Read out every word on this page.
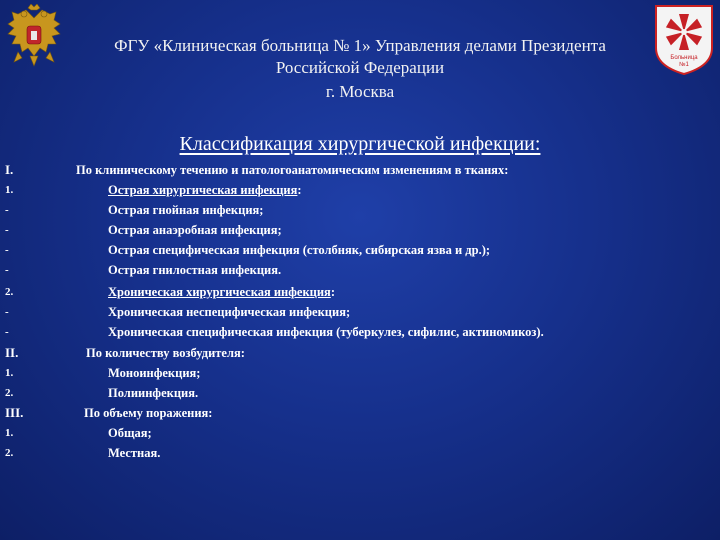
Больница
№1
ФГУ «Клиническая больница № 1» Управления делами Президента
Российской Федерации
г. Москва
Классификация хирургической инфекции:
I.	По клиническому течению и патологоанатомическим изменениям в тканях:
1.	Острая хирургическая инфекция:
-	Острая гнойная инфекция;
-	Острая анаэробная инфекция;
-	Острая специфическая инфекция (столбняк, сибирская язва и др.);
-	Острая гнилостная инфекция.
2.	Хроническая хирургическая инфекция:
-	Хроническая неспецифическая инфекция;
-	Хроническая специфическая инфекция (туберкулез, сифилис, актиномикоз).
II.	По количеству возбудителя:
1.	Моноинфекция;
2.	Полиинфекция.
III.	По объему поражения:
1.	Общая;
2.	Местная.
